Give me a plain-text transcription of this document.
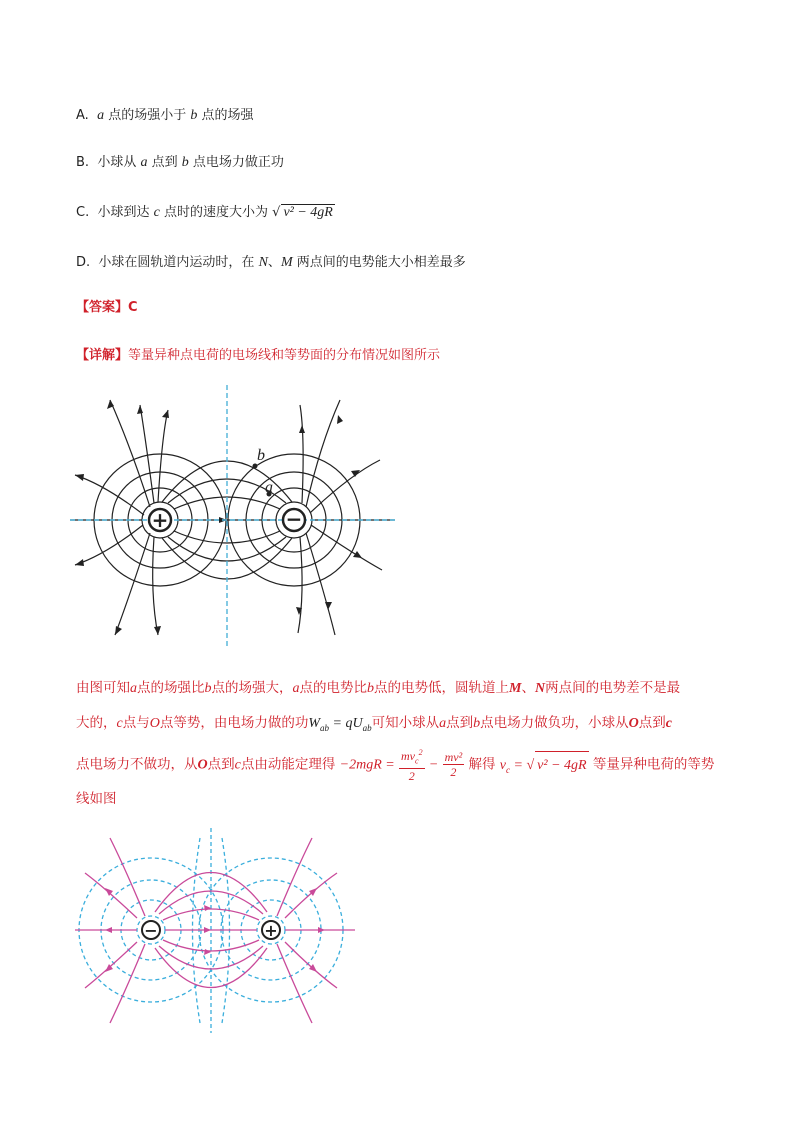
A. a 点的场强小于 b 点的场强
B. 小球从 a 点到 b 点电场力做正功
C. 小球到达 c 点时的速度大小为 √ v² − 4gR
D. 小球在圆轨道内运动时，在 N、M 两点间的电势能大小相差最多
【答案】C
【详解】等量异种点电荷的电场线和等势面的分布情况如图所示
+	−
b
a
由图可知a点的场强比b点的场强大，a点的电势比b点的电势低，圆轨道上M、N两点间的电势差不是最
大的，c点与O点等势，由电场力做的功$W_{ab} = qU_{ab}$可知小球从a点到b点电场力做负功，小球从O点到c
点电场力不做功，从O点到c点由动能定理得 $-2mgR = \frac{mv_c^2}{2} - \frac{\text{mv²}}{2}$ 解得 $v_c$ = √ v² − 4gR 等量异种电荷的等势
线如图
−	+
